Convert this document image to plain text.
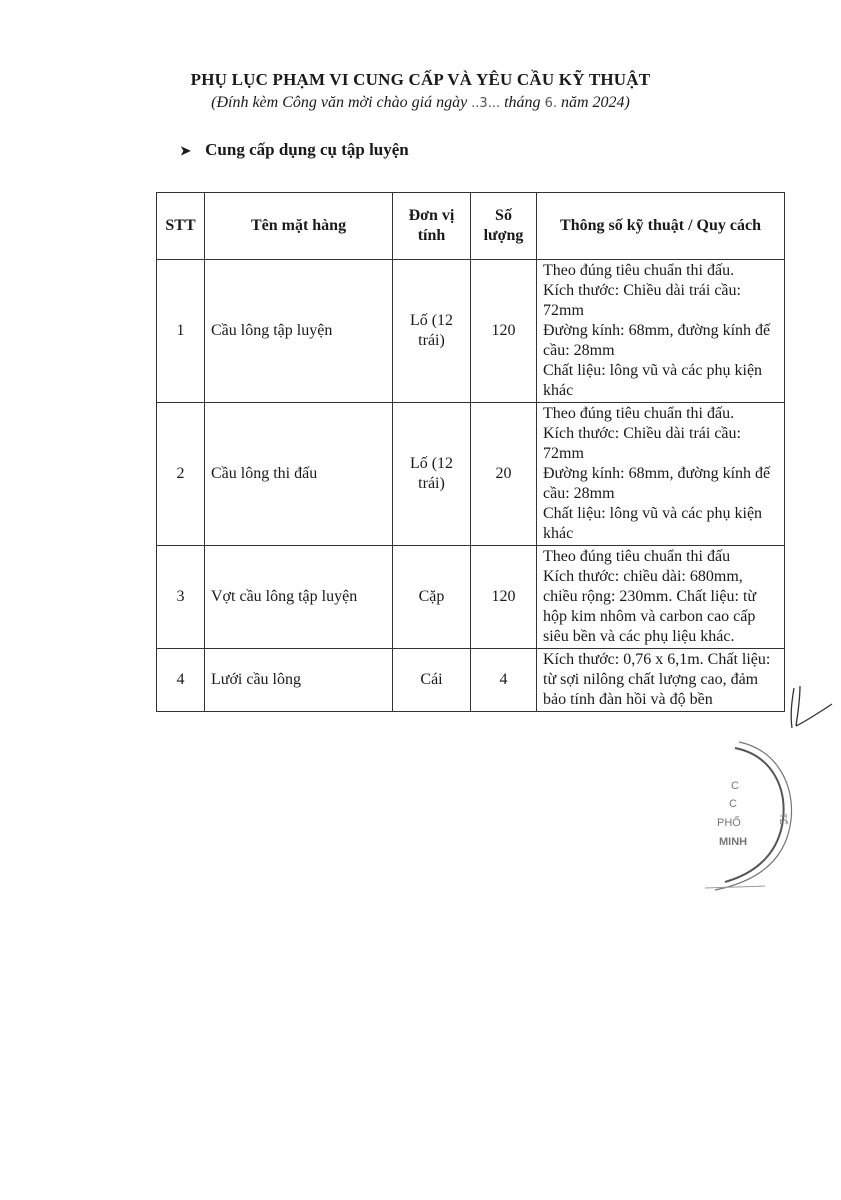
PHỤ LỤC PHẠM VI CUNG CẤP VÀ YÊU CẦU KỸ THUẬT
(Đính kèm Công văn mời chào giá ngày ..3... tháng 6. năm 2024)
➤ Cung cấp dụng cụ tập luyện
STT	Tên mặt hàng	Đơn vị tính	Số lượng	Thông số kỹ thuật / Quy cách
1	Cầu lông tập luyện	Lố (12 trái)	120	Theo đúng tiêu chuẩn thi đấu.
Kích thước: Chiều dài trái cầu: 72mm
Đường kính: 68mm, đường kính đế cầu: 28mm
Chất liệu: lông vũ và các phụ kiện khác

2	Cầu lông thi đấu	Lố (12 trái)	20	Theo đúng tiêu chuẩn thi đấu.
Kích thước: Chiều dài trái cầu: 72mm
Đường kính: 68mm, đường kính đế cầu: 28mm
Chất liệu: lông vũ và các phụ kiện khác

3	Vợt cầu lông tập luyện	Cặp	120	Theo đúng tiêu chuẩn thi đấu
Kích thước: chiều dài: 680mm, chiều rộng: 230mm. Chất liệu: từ hộp kim nhôm và carbon cao cấp siêu bền và các phụ liệu khác.

4	Lưới cầu lông	Cái	4	Kích thước: 0,76 x 6,1m. Chất liệu: từ sợi nilông chất lượng cao, đảm bảo tính đàn hồi và độ bền
C
C
PHỐ
MINH
TẾ
